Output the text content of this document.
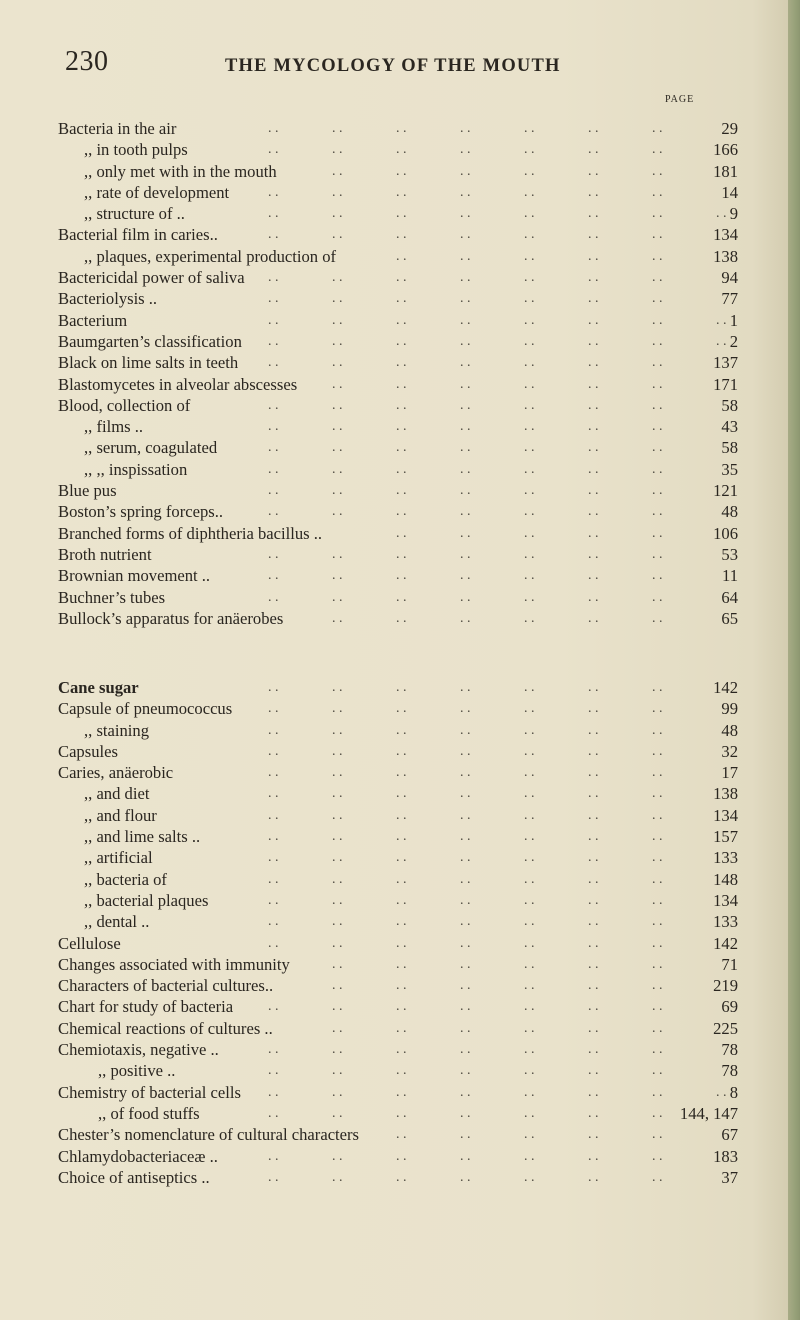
230	THE MYCOLOGY OF THE MOUTH
PAGE
Bacteria in the air	29
. .	. .	. .	. .	. .	. .	. .
,, in tooth pulps	166
. .	. .	. .	. .	. .	. .	. .
,, only met with in the mouth	181
. .	. .	. .	. .	. .	. .
,, rate of development	14
. .	. .	. .	. .	. .	. .	. .
,, structure of ..	9
. .	. .	. .	. .	. .	. .	. .	. .
Bacterial film in caries..	134
. .	. .	. .	. .	. .	. .	. .
,, plaques, experimental production of	138
. .	. .	. .	. .	. .
Bactericidal power of saliva	94
. .	. .	. .	. .	. .	. .	. .
Bacteriolysis ..	77
. .	. .	. .	. .	. .	. .	. .
Bacterium	1
. .	. .	. .	. .	. .	. .	. .	. .
Baumgarten’s classification	2
. .	. .	. .	. .	. .	. .	. .	. .
Black on lime salts in teeth	137
. .	. .	. .	. .	. .	. .	. .
Blastomycetes in alveolar abscesses	171
. .	. .	. .	. .	. .	. .
Blood, collection of	58
. .	. .	. .	. .	. .	. .	. .
,, films ..	43
. .	. .	. .	. .	. .	. .	. .
,, serum, coagulated	58
. .	. .	. .	. .	. .	. .	. .
,, ,, inspissation	35
. .	. .	. .	. .	. .	. .	. .
Blue pus	121
. .	. .	. .	. .	. .	. .	. .
Boston’s spring forceps..	48
. .	. .	. .	. .	. .	. .	. .
Branched forms of diphtheria bacillus ..	106
. .	. .	. .	. .	. .
Broth nutrient	53
. .	. .	. .	. .	. .	. .	. .
Brownian movement ..	11
. .	. .	. .	. .	. .	. .	. .
Buchner’s tubes	64
. .	. .	. .	. .	. .	. .	. .
Bullock’s apparatus for anäerobes	65
. .	. .	. .	. .	. .	. .
Cane sugar	142
. .	. .	. .	. .	. .	. .	. .
Capsule of pneumococcus	99
. .	. .	. .	. .	. .	. .	. .
,, staining	48
. .	. .	. .	. .	. .	. .	. .
Capsules	32
. .	. .	. .	. .	. .	. .	. .
Caries, anäerobic	17
. .	. .	. .	. .	. .	. .	. .
,, and diet	138
. .	. .	. .	. .	. .	. .	. .
,, and flour	134
. .	. .	. .	. .	. .	. .	. .
,, and lime salts ..	157
. .	. .	. .	. .	. .	. .	. .
,, artificial	133
. .	. .	. .	. .	. .	. .	. .
,, bacteria of	148
. .	. .	. .	. .	. .	. .	. .
,, bacterial plaques	134
. .	. .	. .	. .	. .	. .	. .
,, dental ..	133
. .	. .	. .	. .	. .	. .	. .
Cellulose	142
. .	. .	. .	. .	. .	. .	. .
Changes associated with immunity	71
. .	. .	. .	. .	. .	. .
Characters of bacterial cultures..	219
. .	. .	. .	. .	. .	. .
Chart for study of bacteria	69
. .	. .	. .	. .	. .	. .	. .
Chemical reactions of cultures ..	225
. .	. .	. .	. .	. .	. .
Chemiotaxis, negative ..	78
. .	. .	. .	. .	. .	. .	. .
,, positive ..	78
. .	. .	. .	. .	. .	. .	. .
Chemistry of bacterial cells	8
. .	. .	. .	. .	. .	. .	. .	. .
,, of food stuffs	144, 147
. .	. .	. .	. .	. .	. .	. .
Chester’s nomenclature of cultural characters	67
. .	. .	. .	. .	. .
Chlamydobacteriaceæ ..	183
. .	. .	. .	. .	. .	. .	. .
Choice of antiseptics ..	37
. .	. .	. .	. .	. .	. .	. .
